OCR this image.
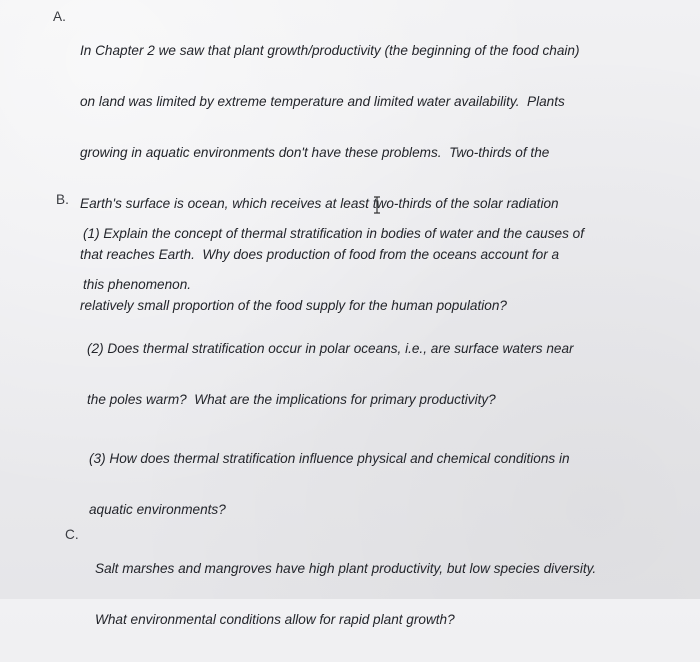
A.

In Chapter 2 we saw that plant growth/productivity (the beginning of the food chain)

on land was limited by extreme temperature and limited water availability.  Plants

growing in aquatic environments don't have these problems.  Two-thirds of the

Earth's surface is ocean, which receives at least two-thirds of the solar radiation

that reaches Earth.  Why does production of food from the oceans account for a

relatively small proportion of the food supply for the human population?

B.

(1) Explain the concept of thermal stratification in bodies of water and the causes of

this phenomenon.

(2) Does thermal stratification occur in polar oceans, i.e., are surface waters near

the poles warm?  What are the implications for primary productivity?

(3) How does thermal stratification influence physical and chemical conditions in

aquatic environments?

C.

Salt marshes and mangroves have high plant productivity, but low species diversity.

What environmental conditions allow for rapid plant growth?
